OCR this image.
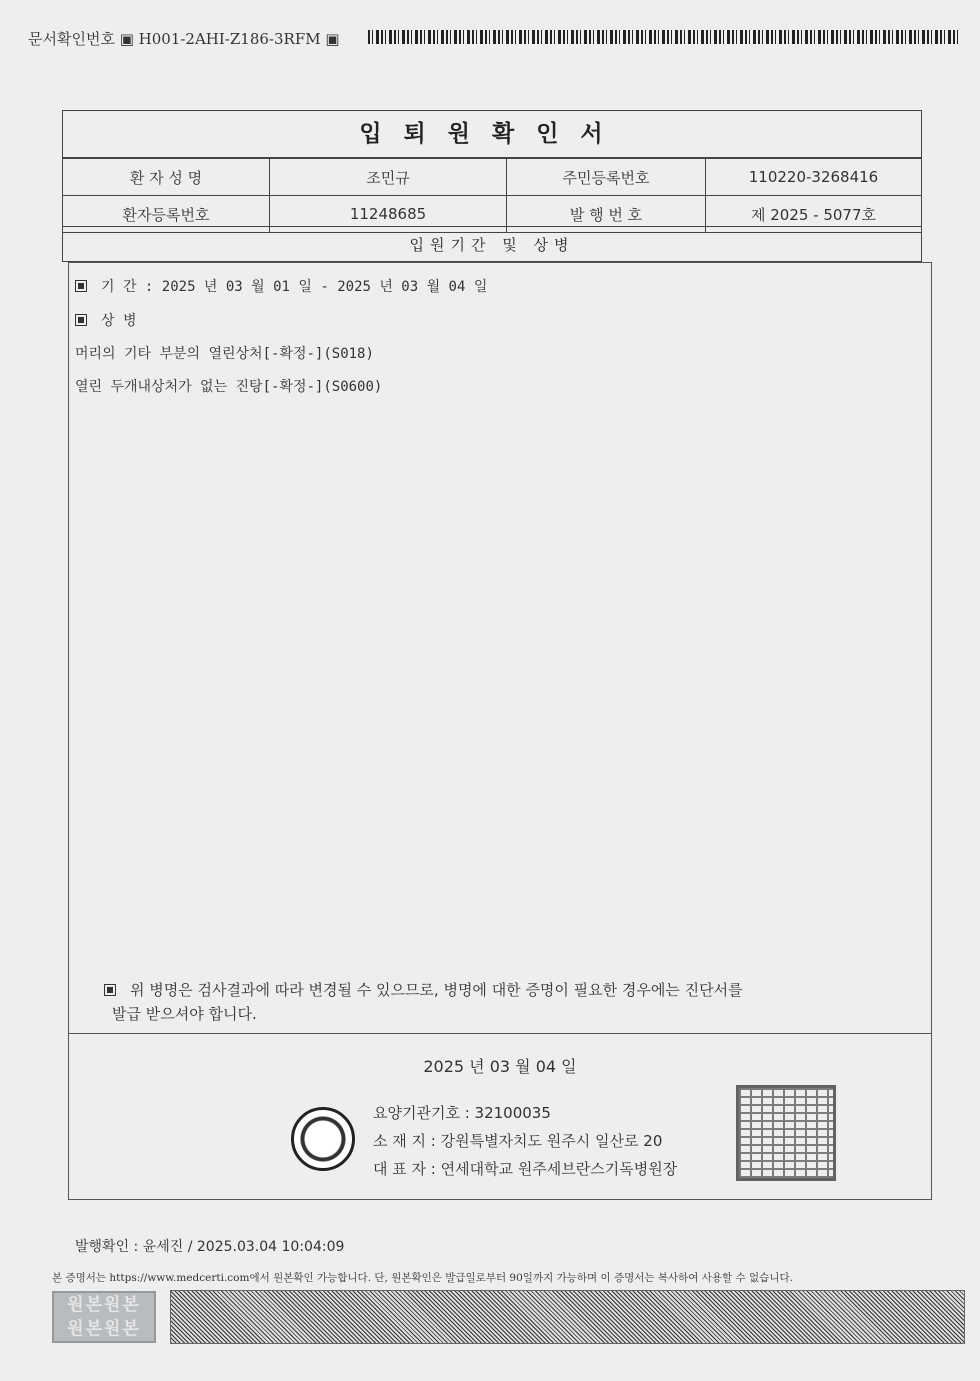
문서확인번호 ▣ H001-2AHI-Z186-3RFM ▣
입퇴원확인서
환 자 성 명	조민규	주민등록번호	110220-3268416
환자등록번호	11248685	발 행 번 호	제 2025 - 5077호
입원기간 및 상병
기 간 : 2025 년 03 월 01 일 - 2025 년 03 월 04 일
상 병
머리의 기타 부분의 열린상처[-확정-](S018)
열린 두개내상처가 없는 진탕[-확정-](S0600)
위 병명은 검사결과에 따라 변경될 수 있으므로, 병명에 대한 증명이 필요한 경우에는 진단서를
발급 받으셔야 합니다.
2025 년 03 월 04 일
요양기관기호 : 32100035
소 재 지 : 강원특별자치도 원주시 일산로 20
대 표 자 : 연세대학교 원주세브란스기독병원장
발행확인 : 윤세진 / 2025.03.04 10:04:09
본 증명서는 https://www.medcerti.com에서 원본확인 가능합니다. 단, 원본확인은 발급일로부터 90일까지 가능하며 이 증명서는 복사하여 사용할 수 없습니다.
원본원본
원본원본
